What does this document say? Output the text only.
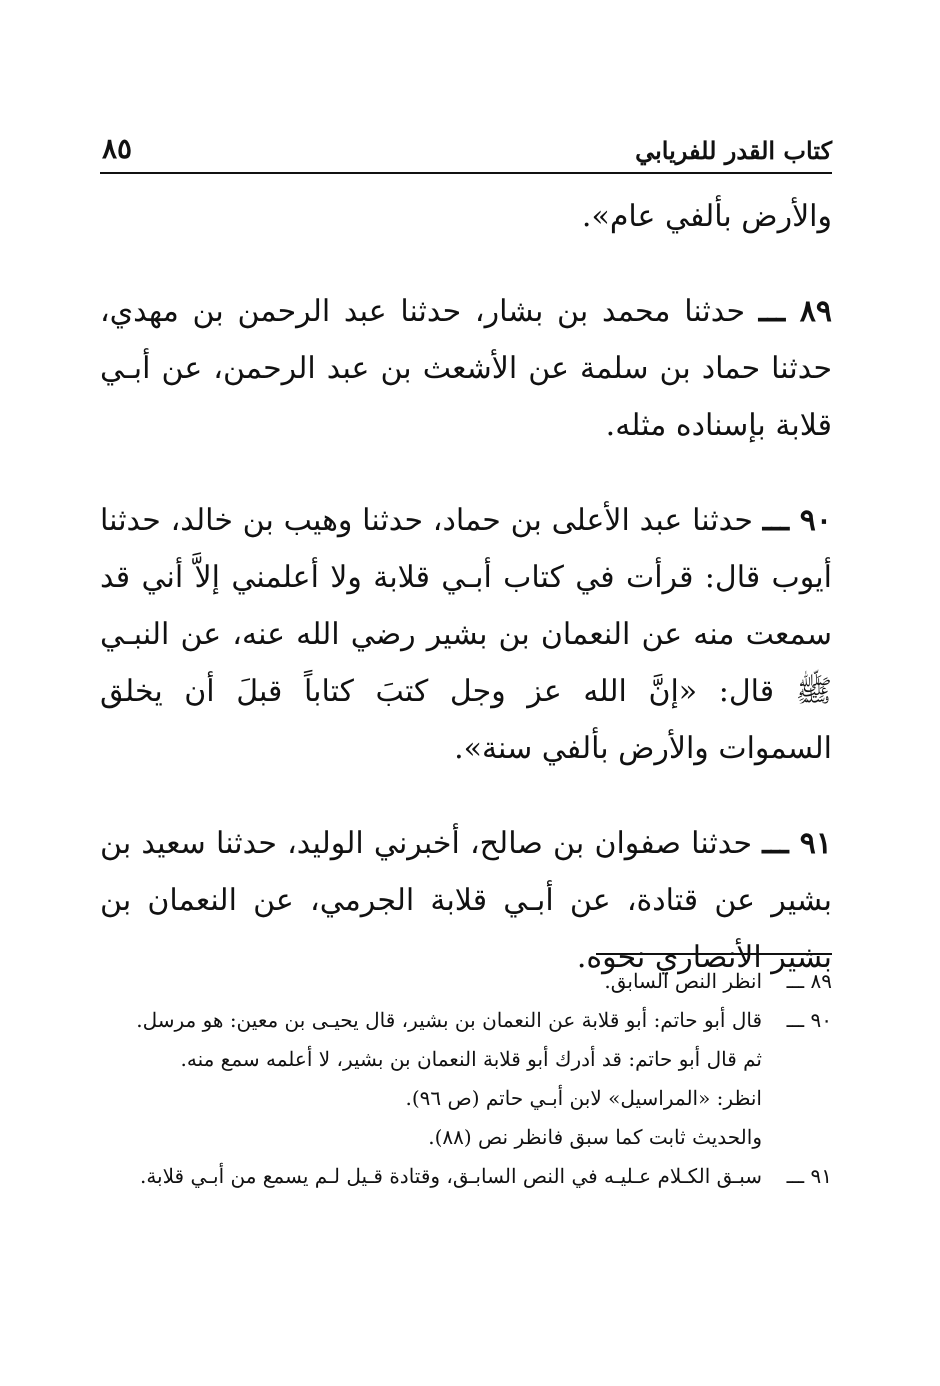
كتاب القدر للفريابي
٨٥

والأرض بألفي عام».

٨٩ ـــ حدثنا محمد بن بشار، حدثنا عبد الرحمن بن مهدي، حدثنا حماد بن سلمة عن الأشعث بن عبد الرحمن، عن أبـي قلابة بإسناده مثله.

٩٠ ـــ حدثنا عبد الأعلى بن حماد، حدثنا وهيب بن خالد، حدثنا أيوب قال: قرأت في كتاب أبـي قلابة ولا أعلمني إلاَّ أني قد سمعت منه عن النعمان بن بشير رضي الله عنه، عن النبـي ﷺ قال: «إنَّ الله عز وجل كتبَ كتاباً قبلَ أن يخلق السموات والأرض بألفي سنة».

٩١ ـــ حدثنا صفوان بن صالح، أخبرني الوليد، حدثنا سعيد بن بشير عن قتادة، عن أبـي قلابة الجرمي، عن النعمان بن بشير الأنصاري نحوه.

٨٩ ـــ
انظر النص السابق.
٩٠ ـــ
قال أبو حاتم: أبو قلابة عن النعمان بن بشير، قال يحيـى بن معين: هو مرسل.
ثم قال أبو حاتم: قد أدرك أبو قلابة النعمان بن بشير، لا أعلمه سمع منه.
انظر: «المراسيل» لابن أبـي حاتم (ص ٩٦).
والحديث ثابت كما سبق فانظر نص (٨٨).
٩١ ـــ
سبـق الكـلام عـليـه في النص السابـق، وقتادة قـيل لـم يسمع من أبـي قلابة.
